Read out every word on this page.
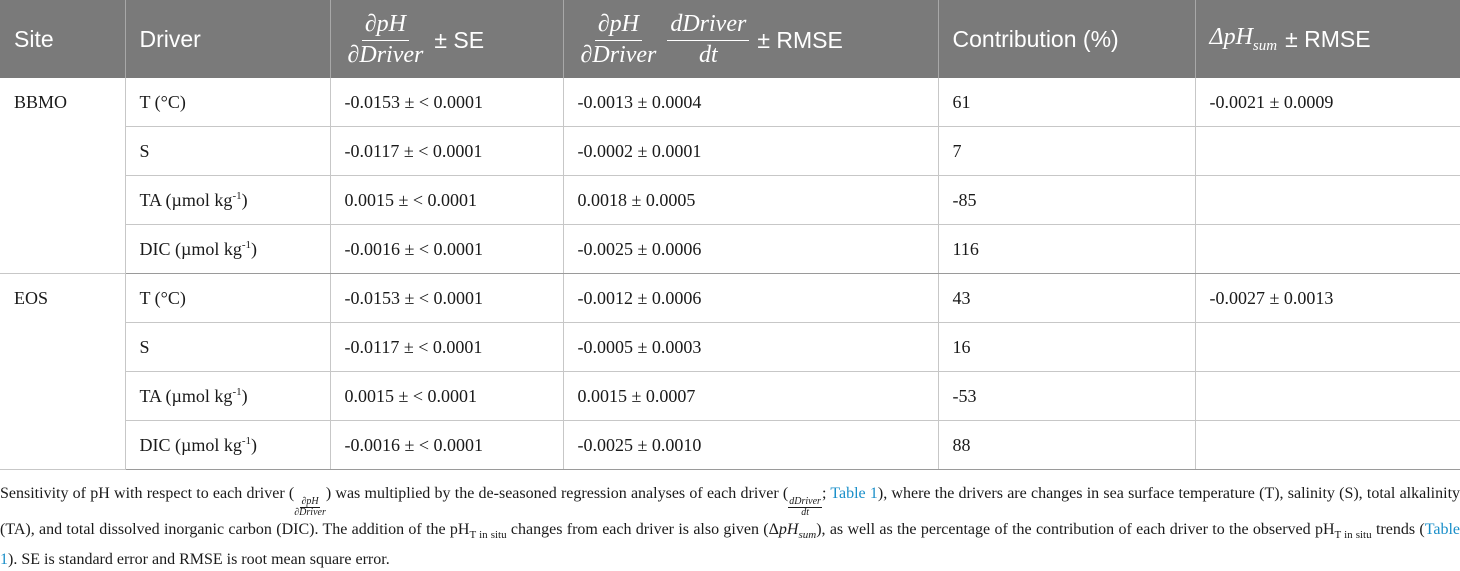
Site	Driver	$\frac{\partial pH}{\text{∂Driver}}$ ± SE	$\frac{\partial pH}{\text{∂Driver}} \frac{\text{dDriver}}{dt}$ ± RMSE	Contribution (%)	ΔpH$_{sum}$ ± RMSE

BBMO	T (°C)	-0.0153 ± < 0.0001	-0.0013 ± 0.0004	61	-0.0021 ± 0.0009
	S	-0.0117 ± < 0.0001	-0.0002 ± 0.0001	7	
	TA (µmol $kg^{-1}$)	0.0015 ± < 0.0001	0.0018 ± 0.0005	-85	
	DIC (µmol $kg^{-1}$)	-0.0016 ± < 0.0001	-0.0025 ± 0.0006	116	
EOS	T (°C)	-0.0153 ± < 0.0001	-0.0012 ± 0.0006	43	-0.0027 ± 0.0013
	S	-0.0117 ± < 0.0001	-0.0005 ± 0.0003	16	
	TA (µmol $kg^{-1}$)	0.0015 ± < 0.0001	0.0015 ± 0.0007	-53	
	DIC (µmol $kg^{-1}$)	-0.0016 ± < 0.0001	-0.0025 ± 0.0010	88	
Sensitivity of pH with respect to each driver ( ∂pH
∂Driver
) was multiplied by the de-seasoned regression analyses of each driver ( dDriver
dt
; Table 1), where the drivers are changes in sea surface temperature (T), salinity (S), total alkalinity (TA), and total dissolved inorganic carbon (DIC). The addition of the $pH_{T in situ}$ changes from each driver is also given (ΔpH$_{sum}$), as well as the percentage of the contribution of each driver to the observed $pH_{T in situ}$ trends (Table 1). SE is standard error and RMSE is root mean square error.
